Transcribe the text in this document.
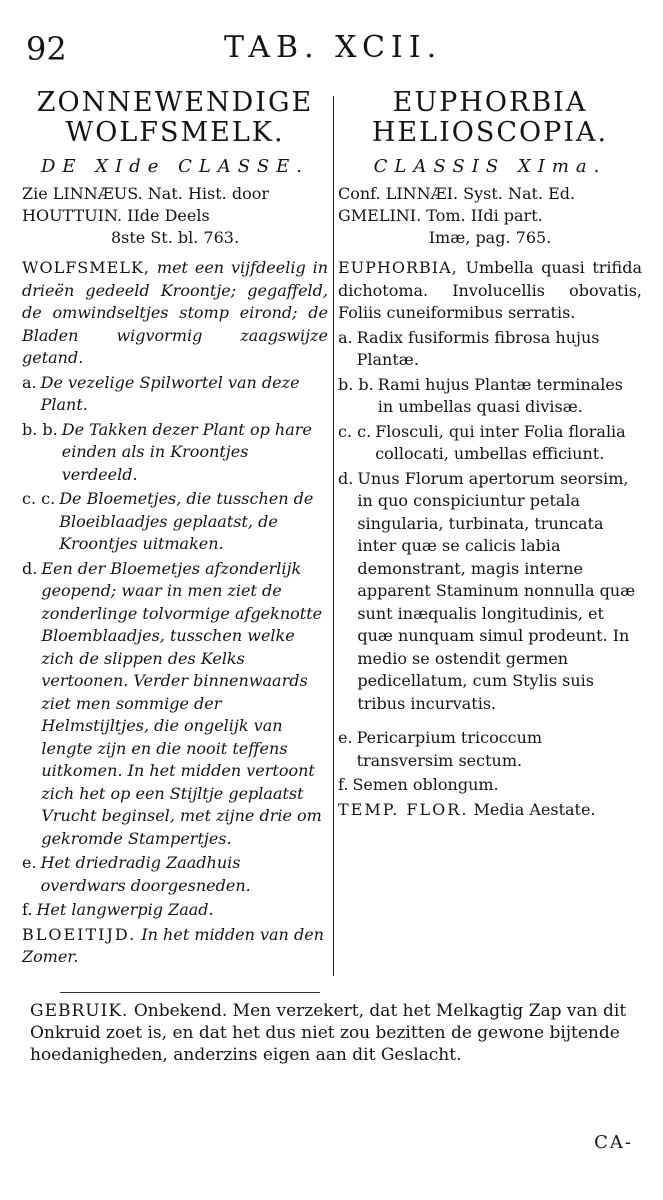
92	TAB. XCII.
ZONNEWENDIGE
WOLFSMELK.
DE XIde CLASSE.
Zie LINNÆUS. Nat. Hist. door
HOUTTUIN. IIde Deels
8ste St. bl. 763.
WOLFSMELK, met een vijfdeelig in drieën gedeeld Kroontje; gegaffeld, de omwindseltjes stomp eirond; de Bladen wigvormig zaagswijze getand.
a. De vezelige Spilwortel van deze Plant.
b. b. De Takken dezer Plant op hare einden als in Kroontjes verdeeld.
c. c. De Bloemetjes, die tusschen de Bloeiblaadjes geplaatst, de Kroontjes uitmaken.
d. Een der Bloemetjes afzonderlijk geopend; waar in men ziet de zonderlinge tolvormige afgeknotte Bloemblaadjes, tusschen welke zich de slippen des Kelks vertoonen. Verder binnenwaards ziet men sommige der Helmstijltjes, die ongelijk van lengte zijn en die nooit teffens uitkomen. In het midden vertoont zich het op een Stijltje geplaatst Vrucht beginsel, met zijne drie om gekromde Stampertjes.
e. Het driedradig Zaadhuis overdwars doorgesneden.
f. Het langwerpig Zaad.
BLOEITIJD. In het midden van den Zomer.
EUPHORBIA
HELIOSCOPIA.
CLASSIS XIma.
Conf. LINNÆI. Syst. Nat. Ed.
GMELINI. Tom. IIdi part.
Imæ, pag. 765.
EUPHORBIA, Umbella quasi trifida dichotoma. Involucellis obovatis, Foliis cuneiformibus serratis.
a. Radix fusiformis fibrosa hujus Plantæ.
b. b. Rami hujus Plantæ terminales in umbellas quasi divisæ.
c. c. Flosculi, qui inter Folia floralia collocati, umbellas efficiunt.
d. Unus Florum apertorum seorsim, in quo conspiciuntur petala singularia, turbinata, truncata inter quæ se calicis labia demonstrant, magis interne apparent Staminum nonnulla quæ sunt inæqualis longitudinis, et quæ nunquam simul prodeunt. In medio se ostendit germen pedicellatum, cum Stylis suis tribus incurvatis.
e. Pericarpium tricoccum transversim sectum.
f. Semen oblongum.
TEMP. FLOR. Media Aestate.
GEBRUIK. Onbekend. Men verzekert, dat het Melkagtig Zap van dit Onkruid zoet is, en dat het dus niet zou bezitten de gewone bijtende hoedanigheden, anderzins eigen aan dit Geslacht.
CA-
